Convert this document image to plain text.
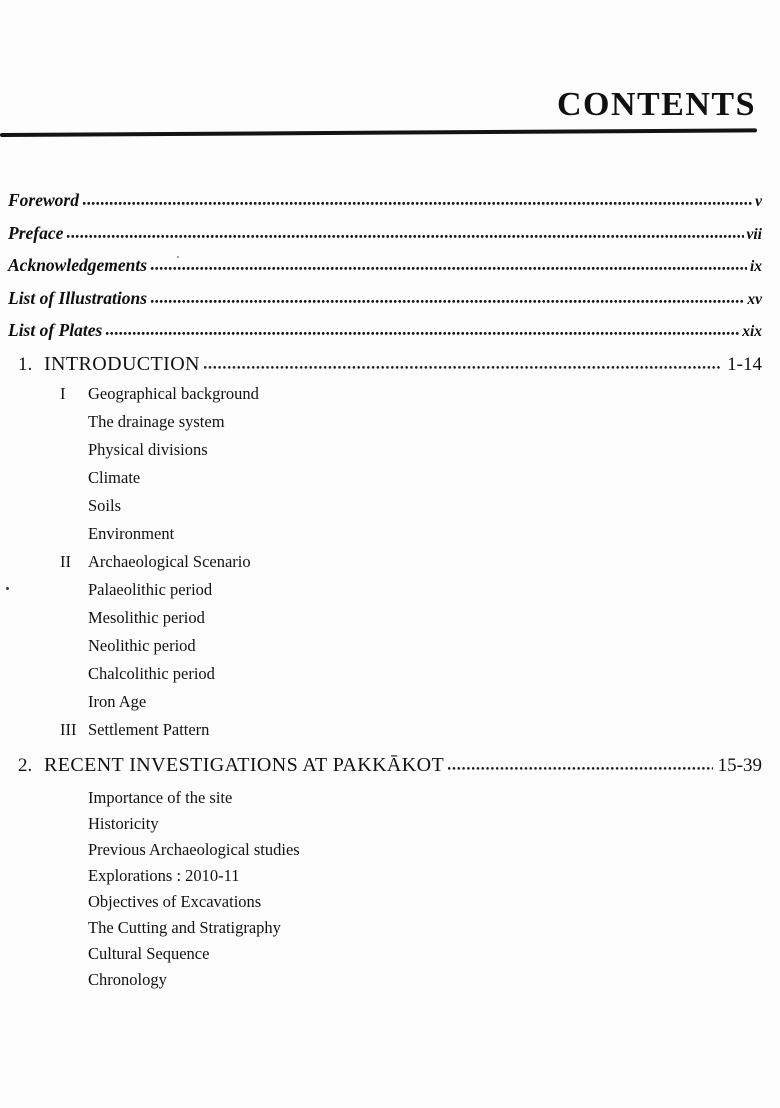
CONTENTS
Foreword	v
Preface	vii
Acknowledgements	ix
List of Illustrations	xv
List of Plates	xix
1. INTRODUCTION	1-14
I	Geographical background
The drainage system
Physical divisions
Climate
Soils
Environment
II	Archaeological Scenario
Palaeolithic period
Mesolithic period
Neolithic period
Chalcolithic period
Iron Age
III Settlement Pattern
2. RECENT INVESTIGATIONS AT PAKKĀKOT	15-39
Importance of the site
Historicity
Previous Archaeological studies
Explorations : 2010-11
Objectives of Excavations
The Cutting and Stratigraphy
Cultural Sequence
Chronology
